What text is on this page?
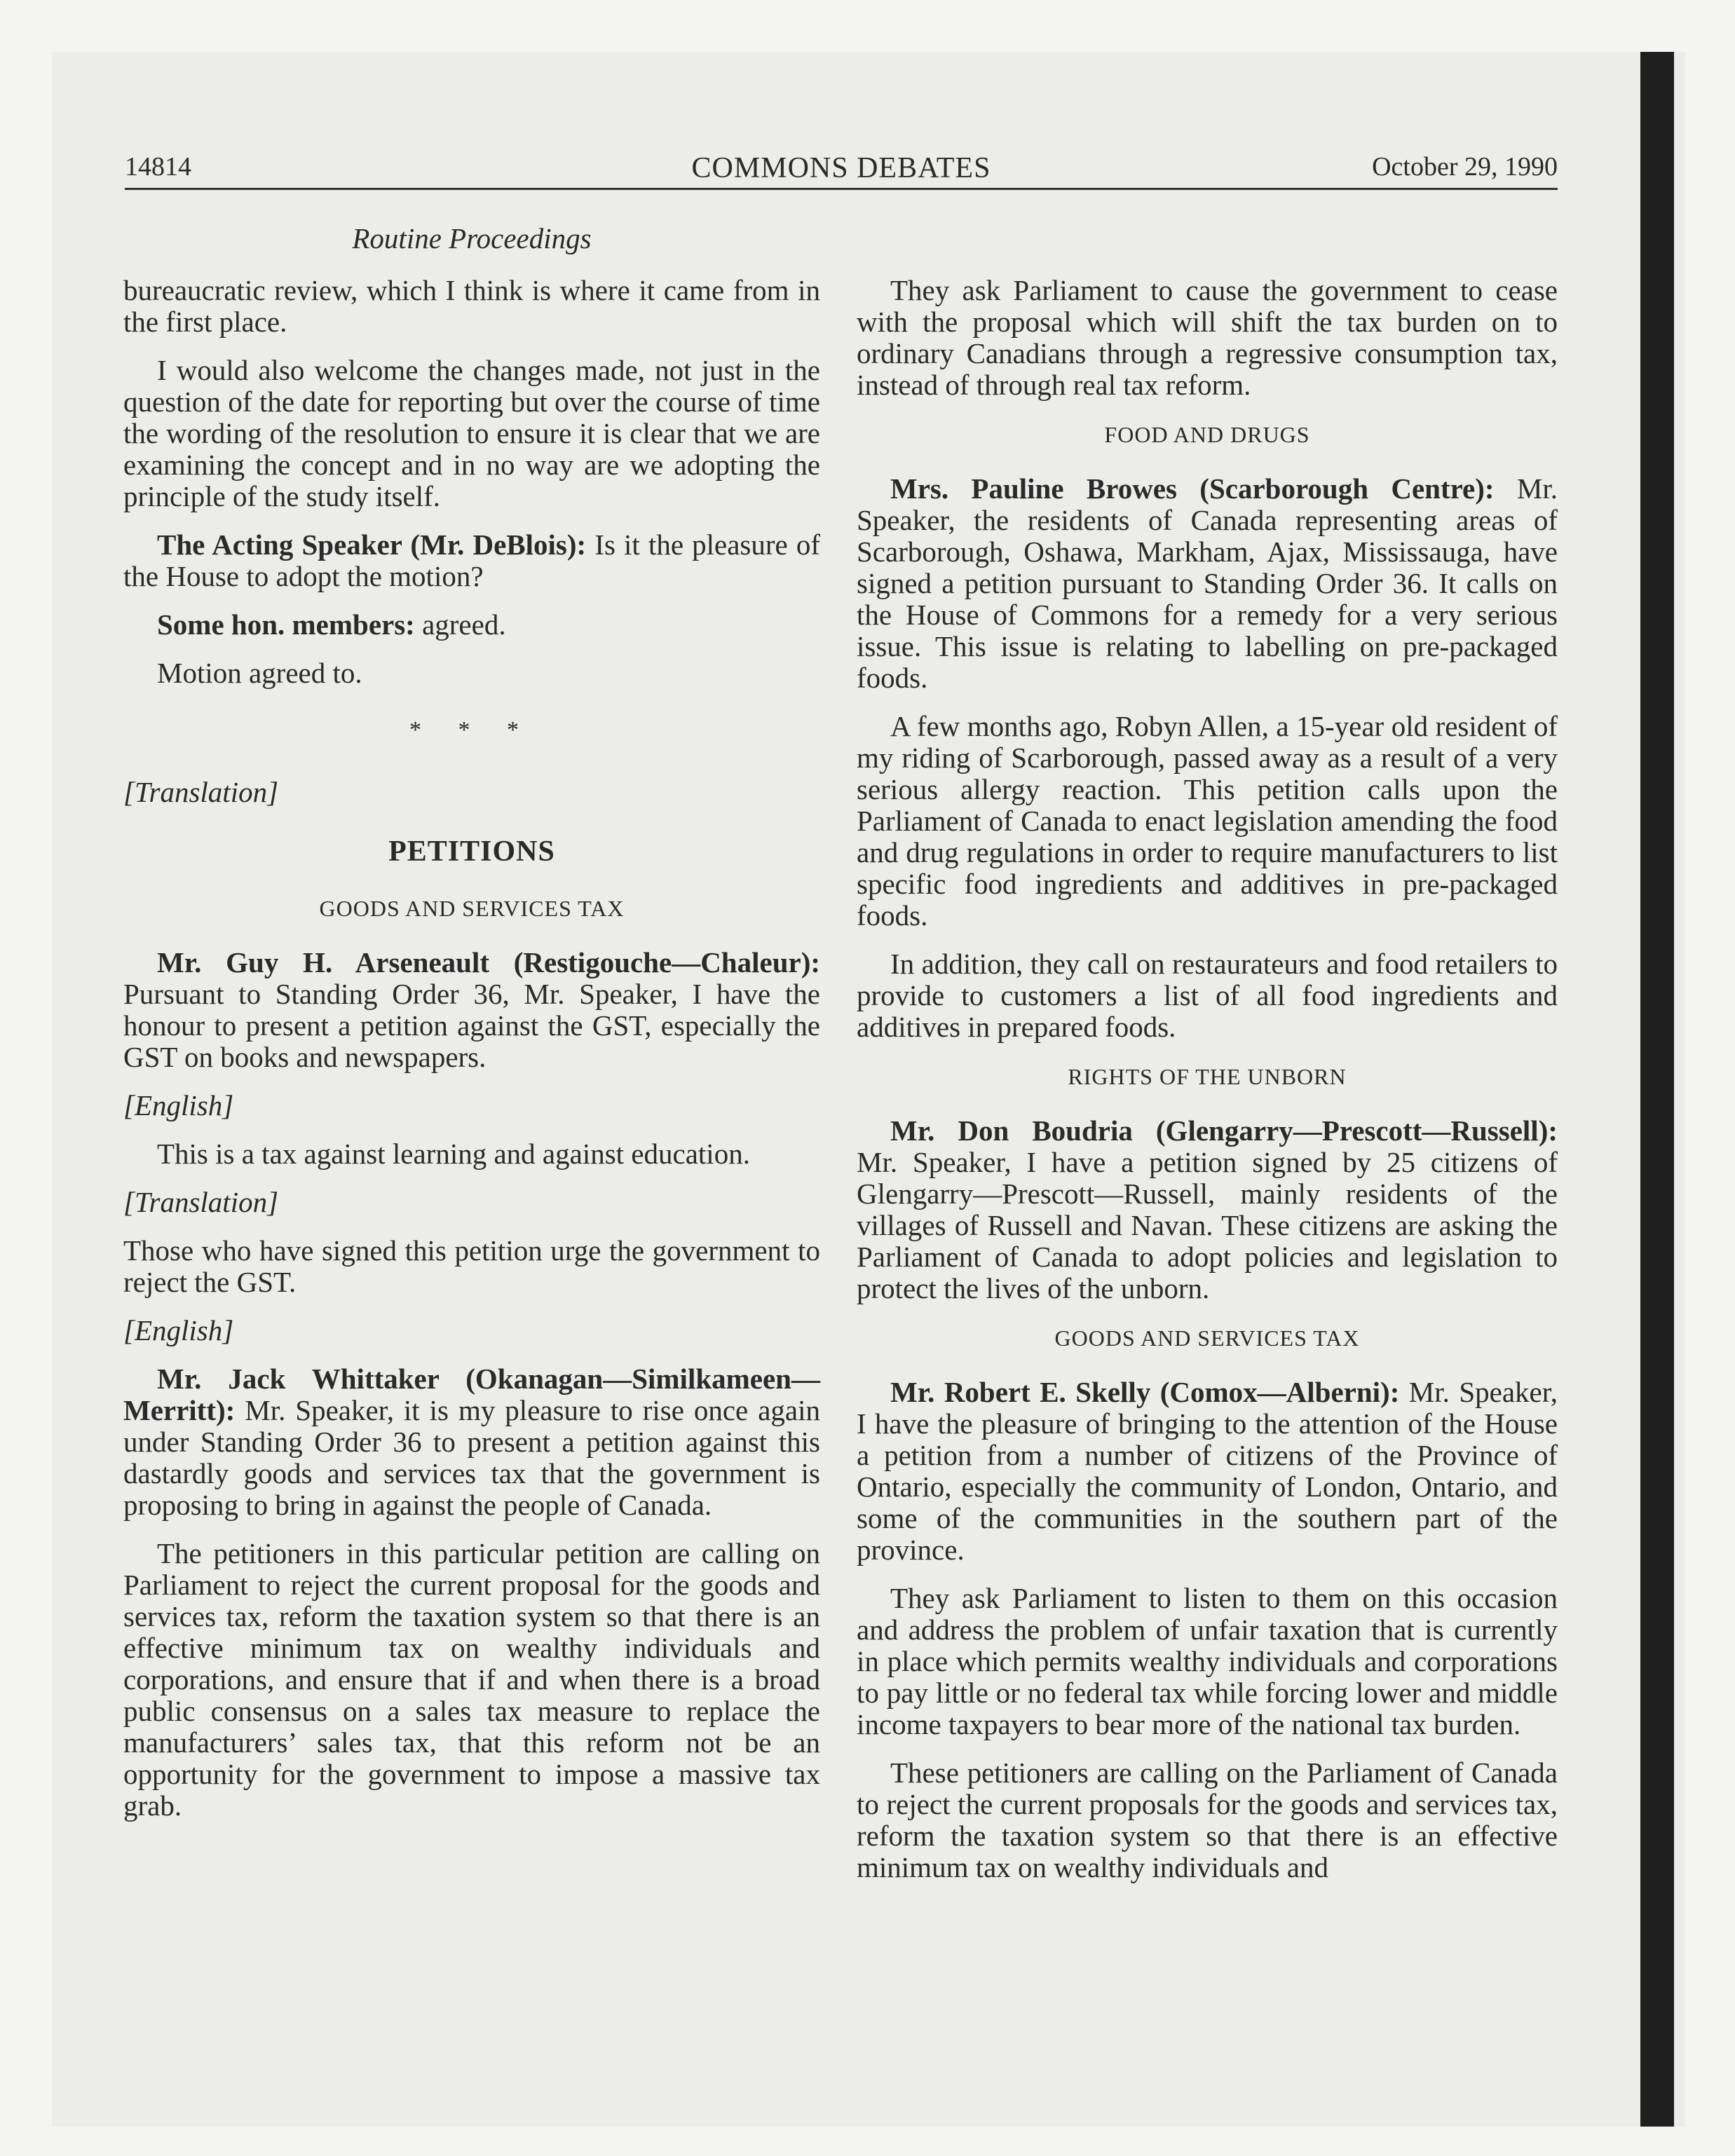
14814	COMMONS DEBATES	October 29, 1990
Routine Proceedings

bureaucratic review, which I think is where it came from in the first place.

I would also welcome the changes made, not just in the question of the date for reporting but over the course of time the wording of the resolution to ensure it is clear that we are examining the concept and in no way are we adopting the principle of the study itself.

The Acting Speaker (Mr. DeBlois): Is it the pleasure of the House to adopt the motion?

Some hon. members: agreed.

Motion agreed to.

* * *
[Translation]
PETITIONS
GOODS AND SERVICES TAX

Mr. Guy H. Arseneault (Restigouche—Chaleur): Pursuant to Standing Order 36, Mr. Speaker, I have the honour to present a petition against the GST, especially the GST on books and newspapers.

[English]

This is a tax against learning and against education.

[Translation]

Those who have signed this petition urge the government to reject the GST.

[English]

Mr. Jack Whittaker (Okanagan—Similkameen—Merritt): Mr. Speaker, it is my pleasure to rise once again under Standing Order 36 to present a petition against this dastardly goods and services tax that the government is proposing to bring in against the people of Canada.

The petitioners in this particular petition are calling on Parliament to reject the current proposal for the goods and services tax, reform the taxation system so that there is an effective minimum tax on wealthy individuals and corporations, and ensure that if and when there is a broad public consensus on a sales tax measure to replace the manufacturers’ sales tax, that this reform not be an opportunity for the government to impose a massive tax grab.

They ask Parliament to cause the government to cease with the proposal which will shift the tax burden on to ordinary Canadians through a regressive consumption tax, instead of through real tax reform.

FOOD AND DRUGS

Mrs. Pauline Browes (Scarborough Centre): Mr. Speaker, the residents of Canada representing areas of Scarborough, Oshawa, Markham, Ajax, Mississauga, have signed a petition pursuant to Standing Order 36. It calls on the House of Commons for a remedy for a very serious issue. This issue is relating to labelling on pre-packaged foods.

A few months ago, Robyn Allen, a 15-year old resident of my riding of Scarborough, passed away as a result of a very serious allergy reaction. This petition calls upon the Parliament of Canada to enact legislation amending the food and drug regulations in order to require manufacturers to list specific food ingredients and additives in pre-packaged foods.

In addition, they call on restaurateurs and food retailers to provide to customers a list of all food ingredients and additives in prepared foods.

RIGHTS OF THE UNBORN

Mr. Don Boudria (Glengarry—Prescott—Russell): Mr. Speaker, I have a petition signed by 25 citizens of Glengarry—Prescott—Russell, mainly residents of the villages of Russell and Navan. These citizens are asking the Parliament of Canada to adopt policies and legislation to protect the lives of the unborn.

GOODS AND SERVICES TAX

Mr. Robert E. Skelly (Comox—Alberni): Mr. Speaker, I have the pleasure of bringing to the attention of the House a petition from a number of citizens of the Province of Ontario, especially the community of London, Ontario, and some of the communities in the southern part of the province.

They ask Parliament to listen to them on this occasion and address the problem of unfair taxation that is currently in place which permits wealthy individuals and corporations to pay little or no federal tax while forcing lower and middle income taxpayers to bear more of the national tax burden.

These petitioners are calling on the Parliament of Canada to reject the current proposals for the goods and services tax, reform the taxation system so that there is an effective minimum tax on wealthy individuals and
